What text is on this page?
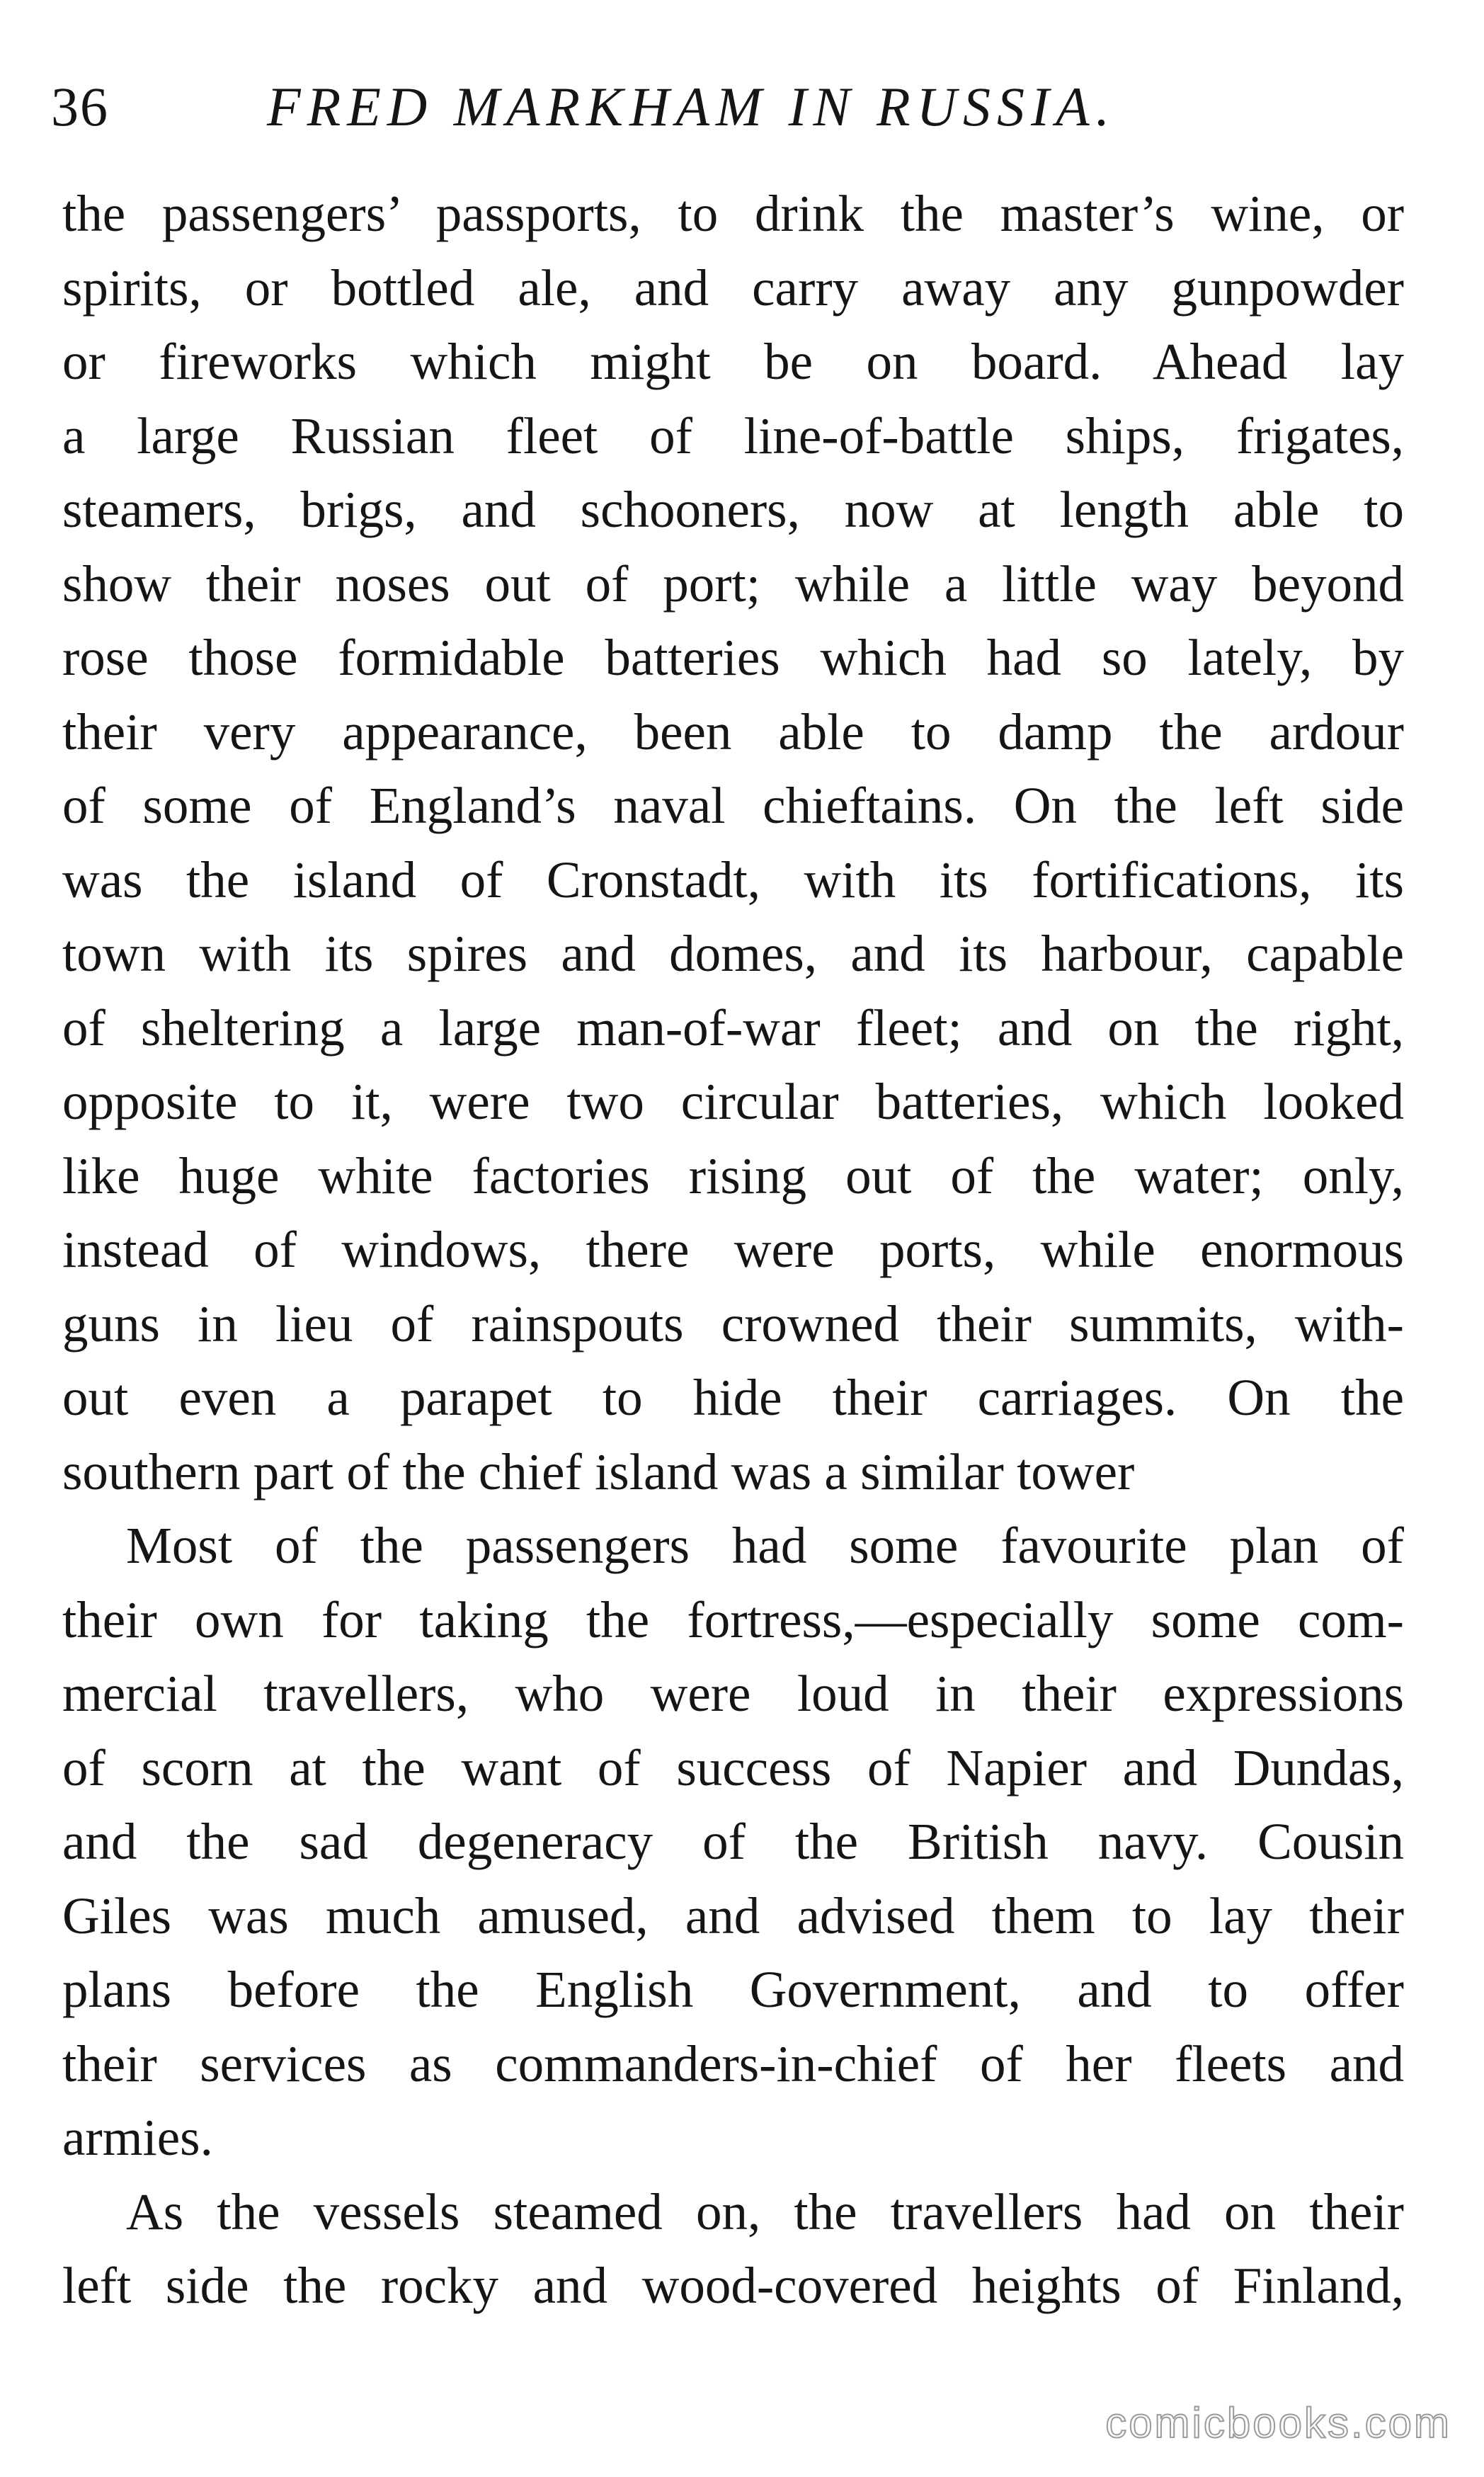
36	FRED MARKHAM IN RUSSIA.
the passengers’ passports, to drink the master’s wine, or
spirits, or bottled ale, and carry away any gunpowder
or fireworks which might be on board. Ahead lay
a large Russian fleet of line-of-battle ships, frigates,
steamers, brigs, and schooners, now at length able to
show their noses out of port; while a little way beyond
rose those formidable batteries which had so lately, by
their very appearance, been able to damp the ardour
of some of England’s naval chieftains. On the left side
was the island of Cronstadt, with its fortifications, its
town with its spires and domes, and its harbour, capable
of sheltering a large man-of-war fleet; and on the right,
opposite to it, were two circular batteries, which looked
like huge white factories rising out of the water; only,
instead of windows, there were ports, while enormous
guns in lieu of rainspouts crowned their summits, with-
out even a parapet to hide their carriages. On the
southern part of the chief island was a similar tower
Most of the passengers had some favourite plan of
their own for taking the fortress,—especially some com-
mercial travellers, who were loud in their expressions
of scorn at the want of success of Napier and Dundas,
and the sad degeneracy of the British navy. Cousin
Giles was much amused, and advised them to lay their
plans before the English Government, and to offer
their services as commanders-in-chief of her fleets and
armies.
As the vessels steamed on, the travellers had on their
left side the rocky and wood-covered heights of Finland,
comicbooks.com
